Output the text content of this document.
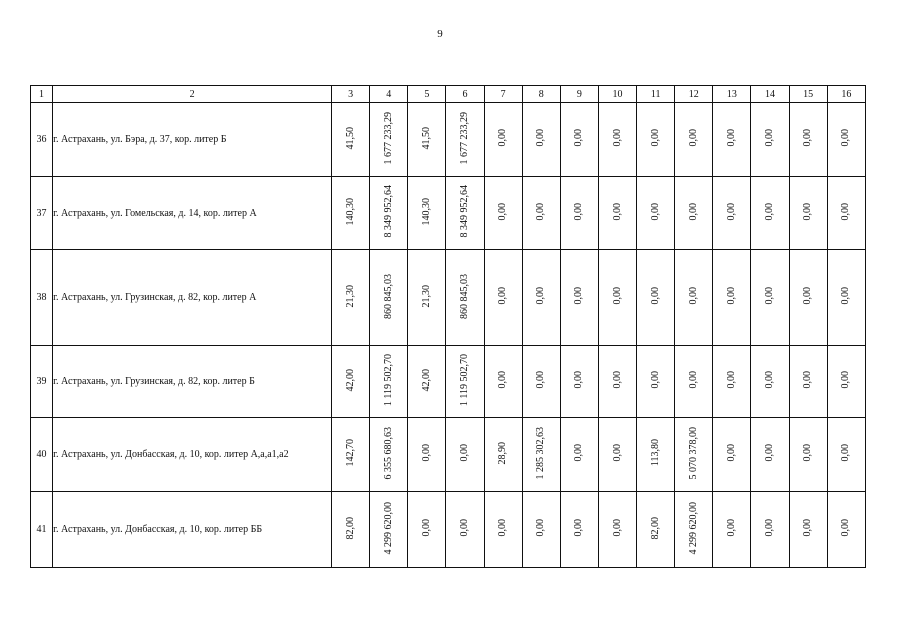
9
1	2	3	4	5	6	7	8	9	10	11	12	13	14	15	16
36	г. Астрахань, ул. Бэра, д. 37, кор. литер Б	41,50	1 677 233,29	41,50	1 677 233,29	0,00	0,00	0,00	0,00	0,00	0,00	0,00	0,00	0,00	0,00
37	г. Астрахань, ул. Гомельская, д. 14, кор. литер А	140,30	8 349 952,64	140,30	8 349 952,64	0,00	0,00	0,00	0,00	0,00	0,00	0,00	0,00	0,00	0,00
38	г. Астрахань, ул. Грузинская, д. 82, кор. литер А	21,30	860 845,03	21,30	860 845,03	0,00	0,00	0,00	0,00	0,00	0,00	0,00	0,00	0,00	0,00
39	г. Астрахань, ул. Грузинская, д. 82, кор. литер Б	42,00	1 119 502,70	42,00	1 119 502,70	0,00	0,00	0,00	0,00	0,00	0,00	0,00	0,00	0,00	0,00
40	г. Астрахань, ул. Донбасская, д. 10, кор. литер А,а,а1,а2	142,70	6 355 680,63	0,00	0,00	28,90	1 285 302,63	0,00	0,00	113,80	5 070 378,00	0,00	0,00	0,00	0,00
41	г. Астрахань, ул. Донбасская, д. 10, кор. литер ББ	82,00	4 299 620,00	0,00	0,00	0,00	0,00	0,00	0,00	82,00	4 299 620,00	0,00	0,00	0,00	0,00
